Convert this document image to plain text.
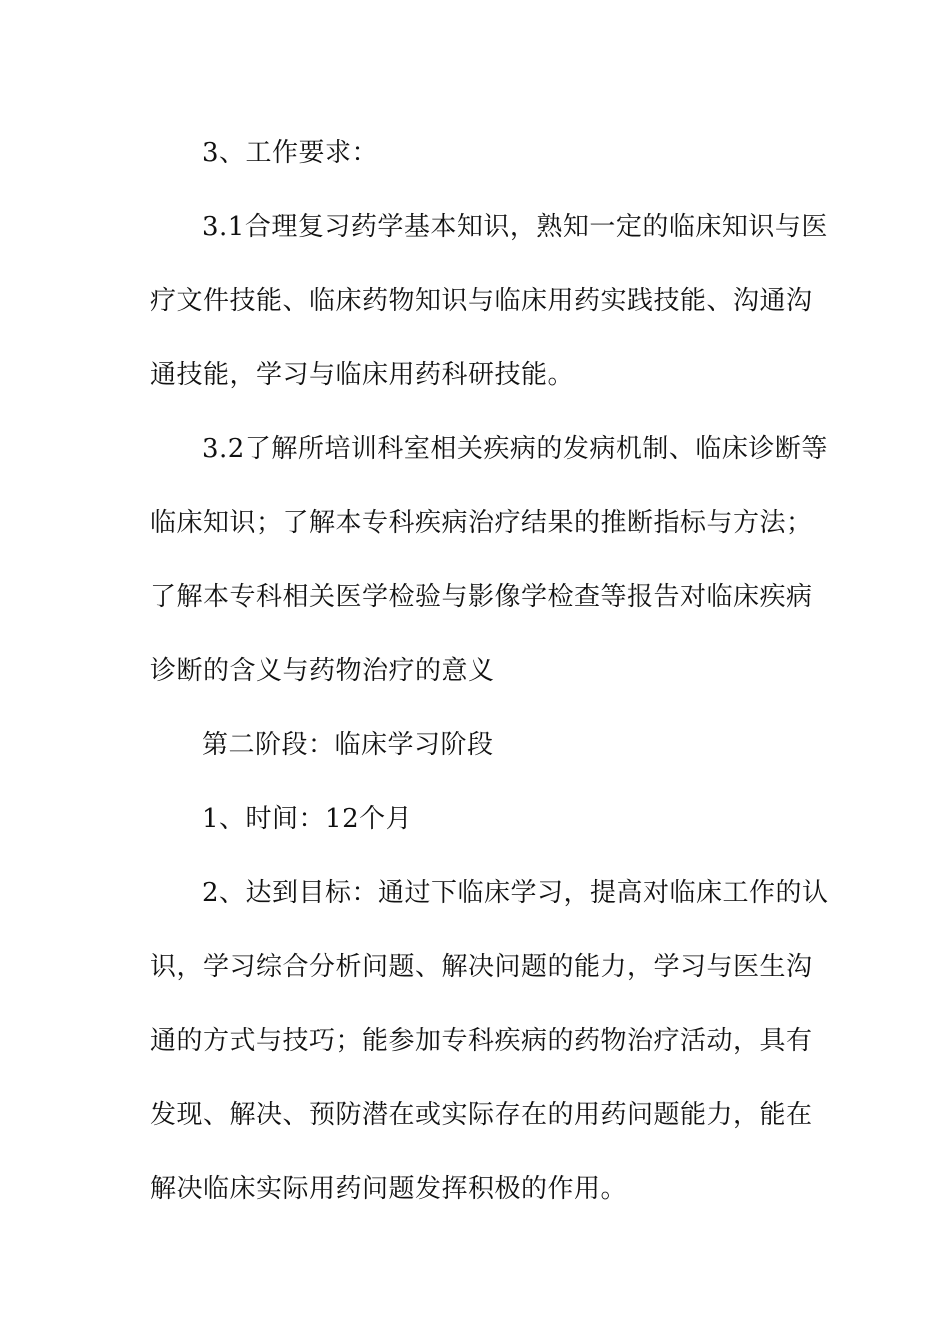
3、工作要求：
3.1合理复习药学基本知识，熟知一定的临床知识与医
疗文件技能、临床药物知识与临床用药实践技能、沟通沟
通技能，学习与临床用药科研技能。
3.2了解所培训科室相关疾病的发病机制、临床诊断等
临床知识；了解本专科疾病治疗结果的推断指标与方法；
了解本专科相关医学检验与影像学检查等报告对临床疾病
诊断的含义与药物治疗的意义
第二阶段：临床学习阶段
1、时间：12个月
2、达到目标：通过下临床学习，提高对临床工作的认
识，学习综合分析问题、解决问题的能力，学习与医生沟
通的方式与技巧；能参加专科疾病的药物治疗活动，具有
发现、解决、预防潜在或实际存在的用药问题能力，能在
解决临床实际用药问题发挥积极的作用。
